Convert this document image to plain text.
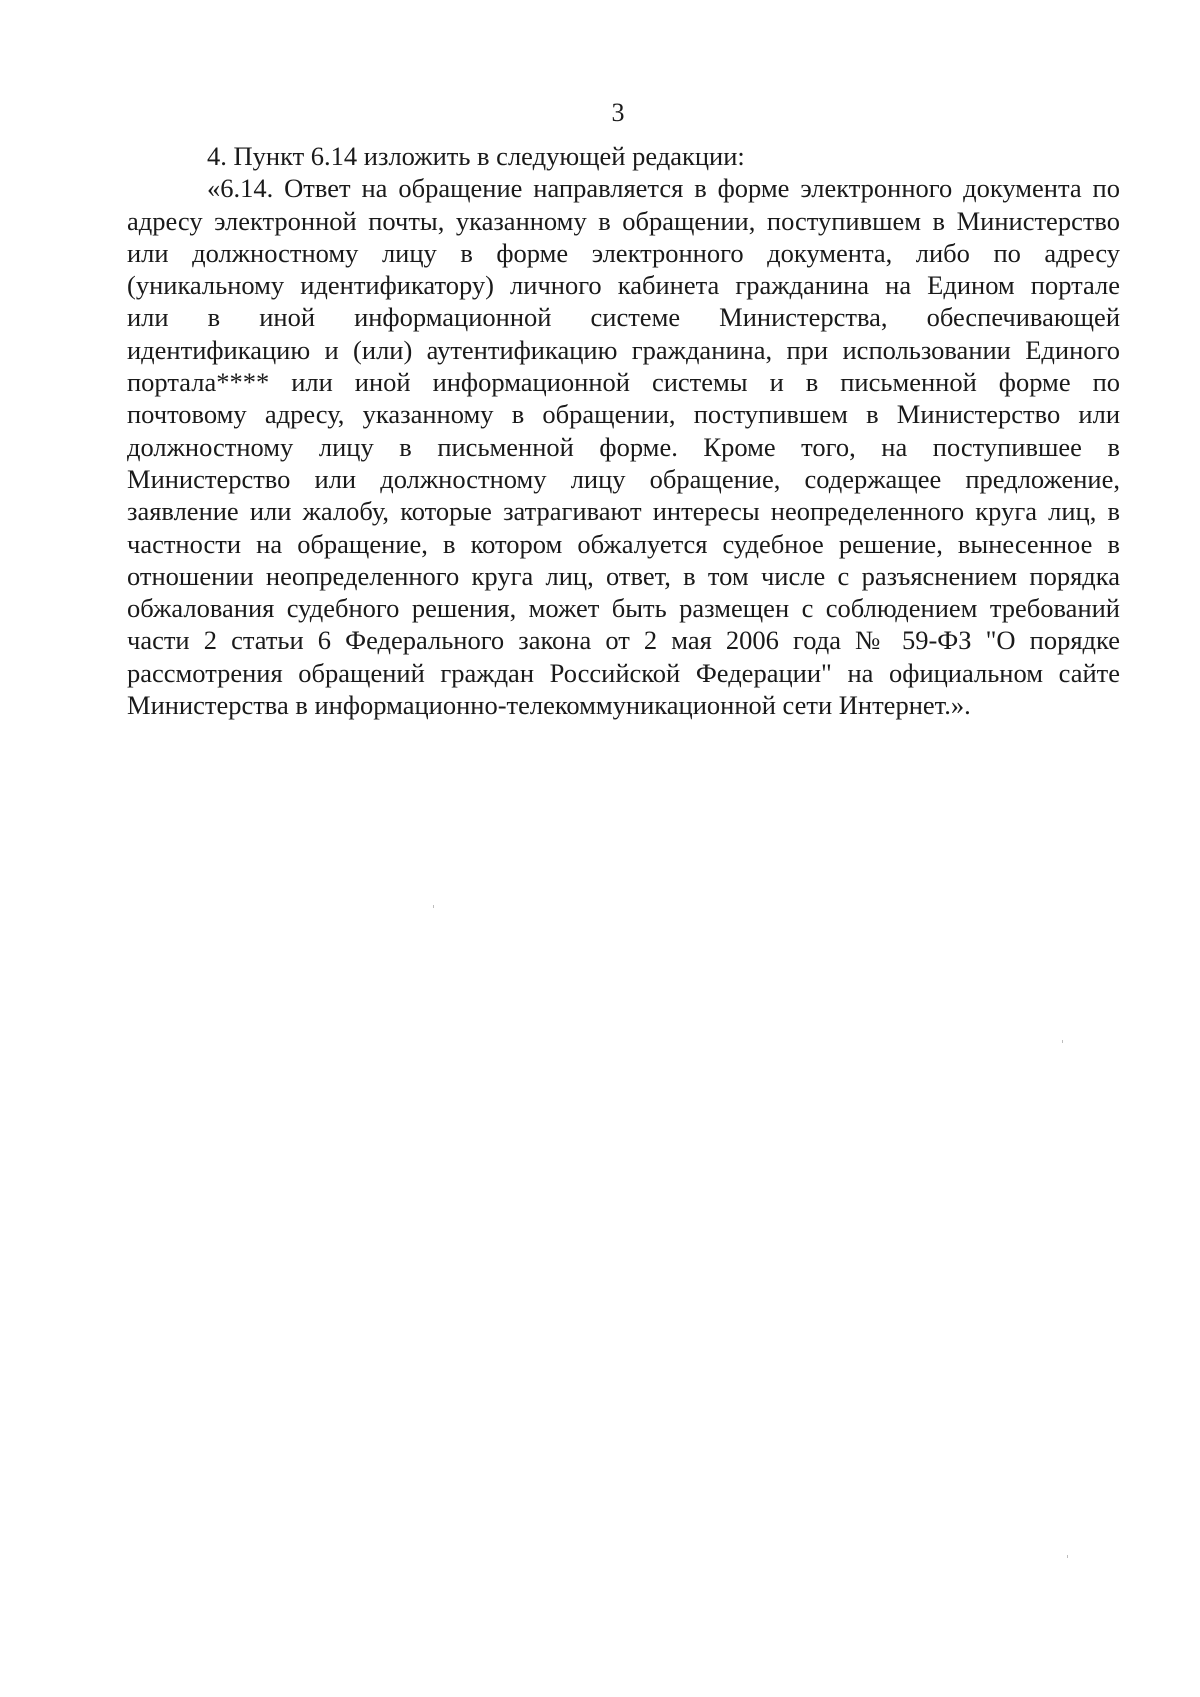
3
4. Пункт 6.14 изложить в следующей редакции:
«6.14. Ответ на обращение направляется в форме электронного документа по
адресу электронной почты, указанному в обращении, поступившем в Министерство
или должностному лицу в форме электронного документа, либо по адресу
(уникальному идентификатору) личного кабинета гражданина на Едином портале
или в иной информационной системе Министерства, обеспечивающей
идентификацию и (или) аутентификацию гражданина, при использовании Единого
портала**** или иной информационной системы и в письменной форме по
почтовому адресу, указанному в обращении, поступившем в Министерство или
должностному лицу в письменной форме. Кроме того, на поступившее в
Министерство или должностному лицу обращение, содержащее предложение,
заявление или жалобу, которые затрагивают интересы неопределенного круга лиц, в
частности на обращение, в котором обжалуется судебное решение, вынесенное в
отношении неопределенного круга лиц, ответ, в том числе с разъяснением порядка
обжалования судебного решения, может быть размещен с соблюдением требований
части 2 статьи 6 Федерального закона от 2 мая 2006 года № 59-ФЗ "О порядке
рассмотрения обращений граждан Российской Федерации" на официальном сайте
Министерства в информационно-телекоммуникационной сети Интернет.».
